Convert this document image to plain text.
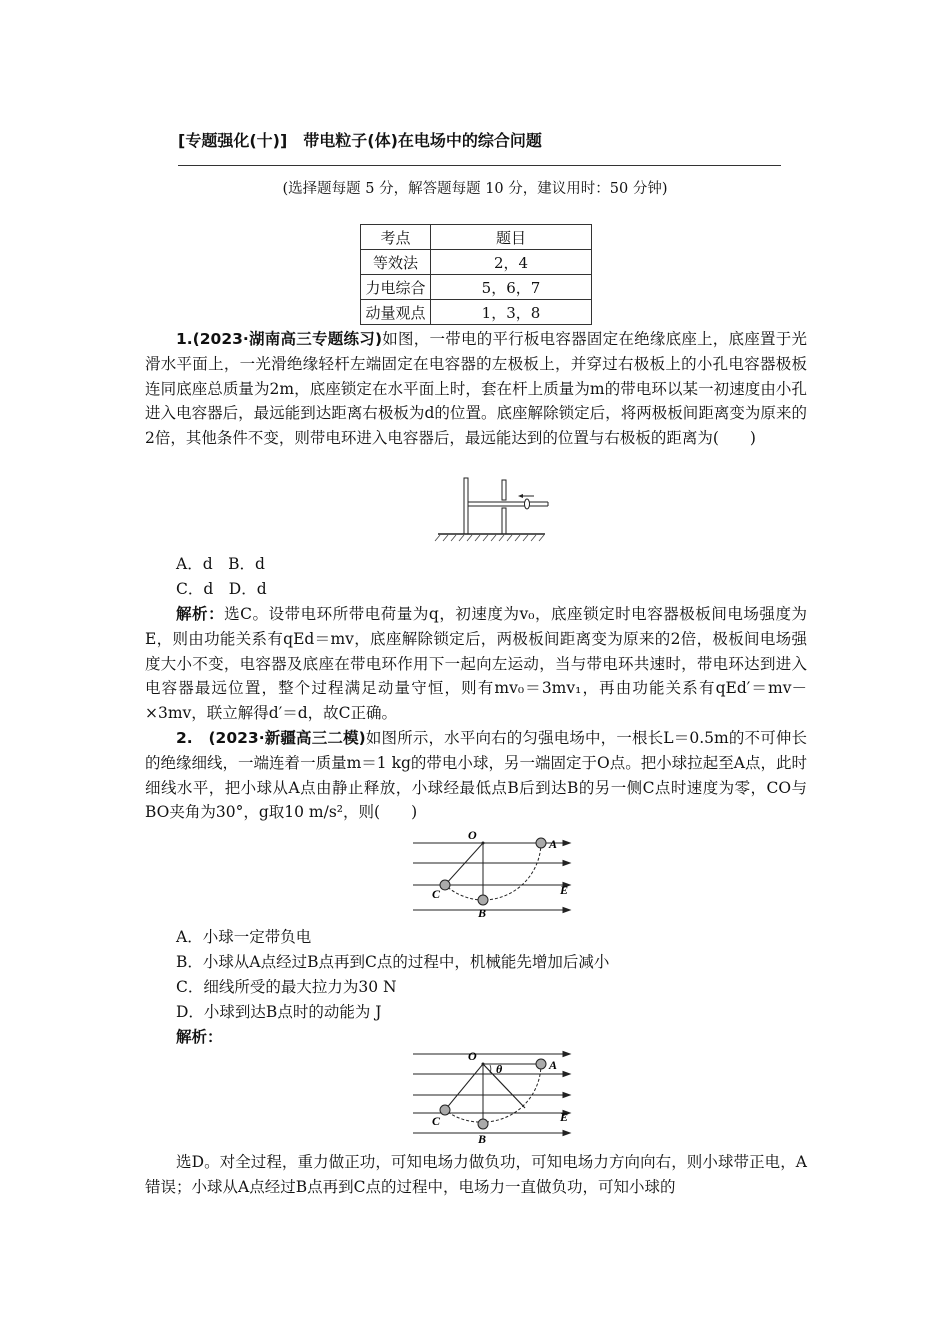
[专题强化(十)]　带电粒子(体)在电场中的综合问题
(选择题每题 5 分，解答题每题 10 分，建议用时：50 分钟)
考点	题目
等效法	2，4
力电综合	5，6，7
动量观点	1，3，8

1.(2023·湖南高三专题练习)如图，一带电的平行板电容器固定在绝缘底座上，底座置于光滑水平面上，一光滑绝缘轻杆左端固定在电容器的左极板上，并穿过右极板上的小孔电容器极板连同底座总质量为2m，底座锁定在水平面上时，套在杆上质量为m的带电环以某一初速度由小孔进入电容器后，最远能到达距离右极板为d的位置。底座解除锁定后，将两极板间距离变为原来的2倍，其他条件不变，则带电环进入电容器后，最远能达到的位置与右极板的距离为(　　)

A．d　B．d
C．d　D．d

解析：选C。设带电环所带电荷量为q，初速度为v₀，底座锁定时电容器极板间电场强度为E，则由功能关系有qEd＝mv，底座解除锁定后，两极板间距离变为原来的2倍，极板间电场强度大小不变，电容器及底座在带电环作用下一起向左运动，当与带电环共速时，带电环达到进入电容器最远位置，整个过程满足动量守恒，则有mv₀＝3mv₁，再由功能关系有qEd′＝mv－×3mv，联立解得d′＝d，故C正确。

2.　(2023·新疆高三二模)如图所示，水平向右的匀强电场中，一根长L＝0.5m的不可伸长的绝缘细线，一端连着一质量m＝1 kg的带电小球，另一端固定于O点。把小球拉起至A点，此时细线水平，把小球从A点由静止释放，小球经最低点B后到达B的另一侧C点时速度为零，CO与BO夹角为30°，g取10 m/s²，则(　　)

O
A
B
C	E
A．小球一定带负电
B．小球从A点经过B点再到C点的过程中，机械能先增加后减小
C．细线所受的最大拉力为30 N
D．小球到达B点时的动能为 J
解析：
O
θ	A
B
C	E

选D。对全过程，重力做正功，可知电场力做负功，可知电场力方向向右，则小球带正电，A错误；小球从A点经过B点再到C点的过程中，电场力一直做负功，可知小球的
